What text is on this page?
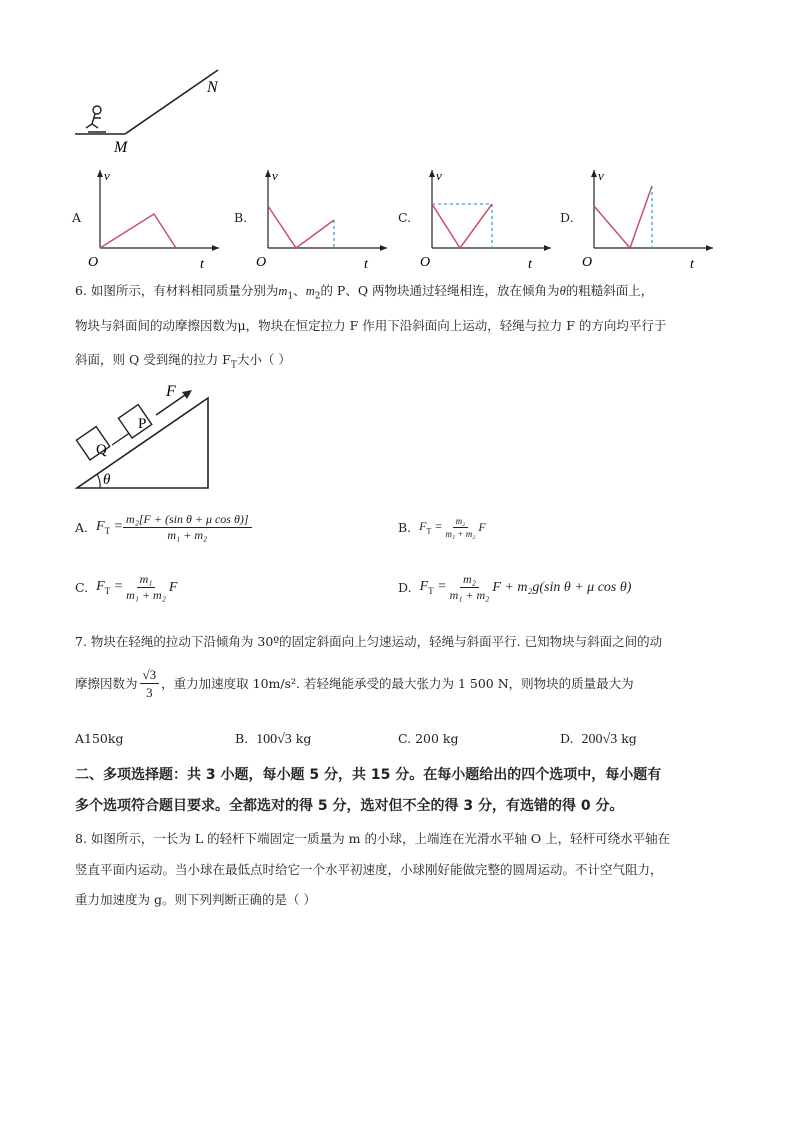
N
M
A
v
O	t
B.
v
O	t
C.
v
O	t
D.
v
O	t
6. 如图所示，有材料相同质量分别为$m_1$、$m_2$的 P、Q 两物块通过轻绳相连，放在倾角为θ的粗糙斜面上，
物块与斜面间的动摩擦因数为μ，物块在恒定拉力 F 作用下沿斜面向上运动，轻绳与拉力 F 的方向均平行于
斜面，则 Q 受到绳的拉力 $F_T$大小（ ）
θ
Q
P
F
A. $F_T = \frac{\text{m₂[F + (sin θ + μ cos θ)]}}{\text{m₁ + m₂}}$	B. $F_T = \frac{\text{m₂}}{\text{m₁ + m₂}}$ F
C. $F_T = \frac{\text{m₁}}{\text{m₁ + m₂}}$ F	D. $F_T = \frac{\text{m₂}}{\text{m₁ + m₂}}$ F + m₂g(sin θ + μ cos θ)
7. 物块在轻绳的拉动下沿倾角为 30º的固定斜面向上匀速运动，轻绳与斜面平行. 已知物块与斜面之间的动
摩擦因数为 $\frac{√3}{3}$ ，重力加速度取 10m/s². 若轻绳能承受的最大张力为 1 500 N，则物块的质量最大为
A150kg	B. 100√3 kg	C. 200 kg	D. 200√3 kg
二、多项选择题：共 3 小题，每小题 5 分，共 15 分。在每小题给出的四个选项中，每小题有
多个选项符合题目要求。全都选对的得 5 分，选对但不全的得 3 分，有选错的得 0 分。
8. 如图所示，一长为 L 的轻杆下端固定一质量为 m 的小球，上端连在光滑水平轴 O 上，轻杆可绕水平轴在
竖直平面内运动。当小球在最低点时给它一个水平初速度，小球刚好能做完整的圆周运动。不计空气阻力，
重力加速度为 g。则下列判断正确的是（ ）
